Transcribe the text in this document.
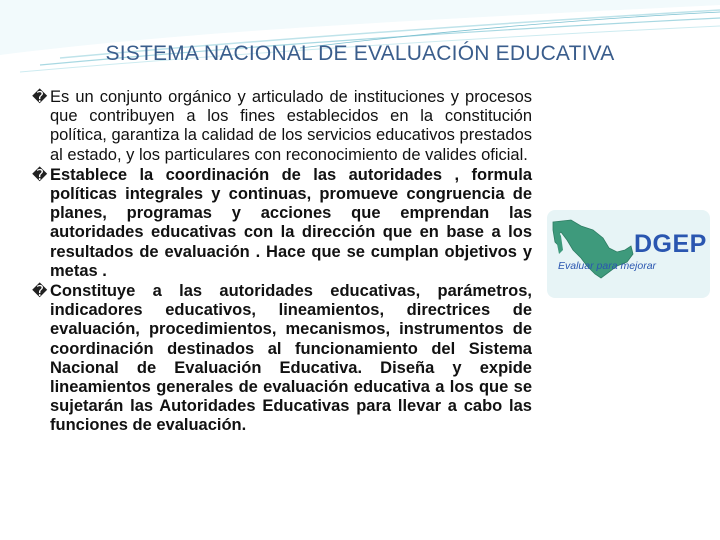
SISTEMA NACIONAL DE EVALUACIÓN EDUCATIVA
� Es un conjunto orgánico y articulado de instituciones y procesos que contribuyen a los fines establecidos en la constitución política, garantiza la calidad de los servicios educativos prestados al estado, y los particulares con reconocimiento de valides oficial.
� Establece la coordinación de las autoridades , formula políticas integrales y continuas, promueve congruencia de planes, programas y acciones que emprendan las autoridades educativas con la dirección que en base a los resultados de evaluación . Hace que se cumplan objetivos y metas .
� Constituye a las autoridades educativas, parámetros, indicadores educativos, lineamientos, directrices de evaluación, procedimientos, mecanismos, instrumentos de coordinación destinados al funcionamiento del Sistema Nacional de Evaluación Educativa. Diseña y expide lineamientos generales de evaluación educativa a los que se sujetarán las Autoridades Educativas para llevar a cabo las funciones de evaluación.
DGEP
Evaluar para mejorar
